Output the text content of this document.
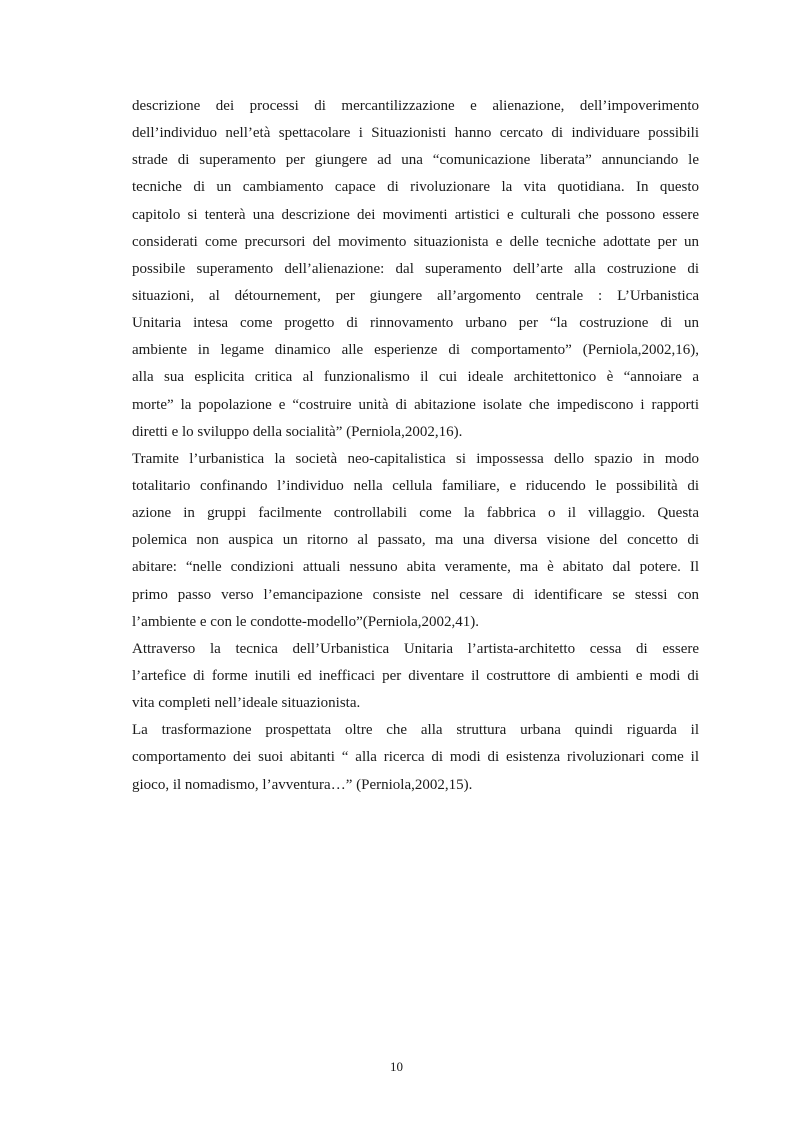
descrizione dei processi di mercantilizzazione e alienazione, dell’impoverimento
dell’individuo nell’età spettacolare i Situazionisti hanno cercato di individuare possibili
strade di superamento per giungere ad una “comunicazione liberata” annunciando le
tecniche di un cambiamento capace di rivoluzionare la vita quotidiana. In questo
capitolo si tenterà una descrizione dei movimenti artistici e culturali che possono essere
considerati come precursori del movimento situazionista e delle tecniche adottate per un
possibile superamento dell’alienazione: dal superamento dell’arte alla costruzione di
situazioni, al détournement, per giungere all’argomento centrale : L’Urbanistica
Unitaria intesa come progetto di rinnovamento urbano per “la costruzione di un
ambiente in legame dinamico alle esperienze di comportamento” (Perniola,2002,16),
alla sua esplicita critica al funzionalismo il cui ideale architettonico è “annoiare a
morte” la popolazione e “costruire unità di abitazione isolate che impediscono i rapporti
diretti e lo sviluppo della socialità” (Perniola,2002,16).
Tramite l’urbanistica la società neo-capitalistica si impossessa dello spazio in modo
totalitario confinando l’individuo nella cellula familiare, e riducendo le possibilità di
azione in gruppi facilmente controllabili come la fabbrica o il villaggio. Questa
polemica non auspica un ritorno al passato, ma una diversa visione del concetto di
abitare: “nelle condizioni attuali nessuno abita veramente, ma è abitato dal potere. Il
primo passo verso l’emancipazione consiste nel cessare di identificare se stessi con
l’ambiente e con le condotte-modello”(Perniola,2002,41).
Attraverso la tecnica dell’Urbanistica Unitaria l’artista-architetto cessa di essere
l’artefice di forme inutili ed inefficaci per diventare il costruttore di ambienti e modi di
vita completi nell’ideale situazionista.
La trasformazione prospettata oltre che alla struttura urbana quindi riguarda il
comportamento dei suoi abitanti “ alla ricerca di modi di esistenza rivoluzionari come il
gioco, il nomadismo, l’avventura…” (Perniola,2002,15).
10
